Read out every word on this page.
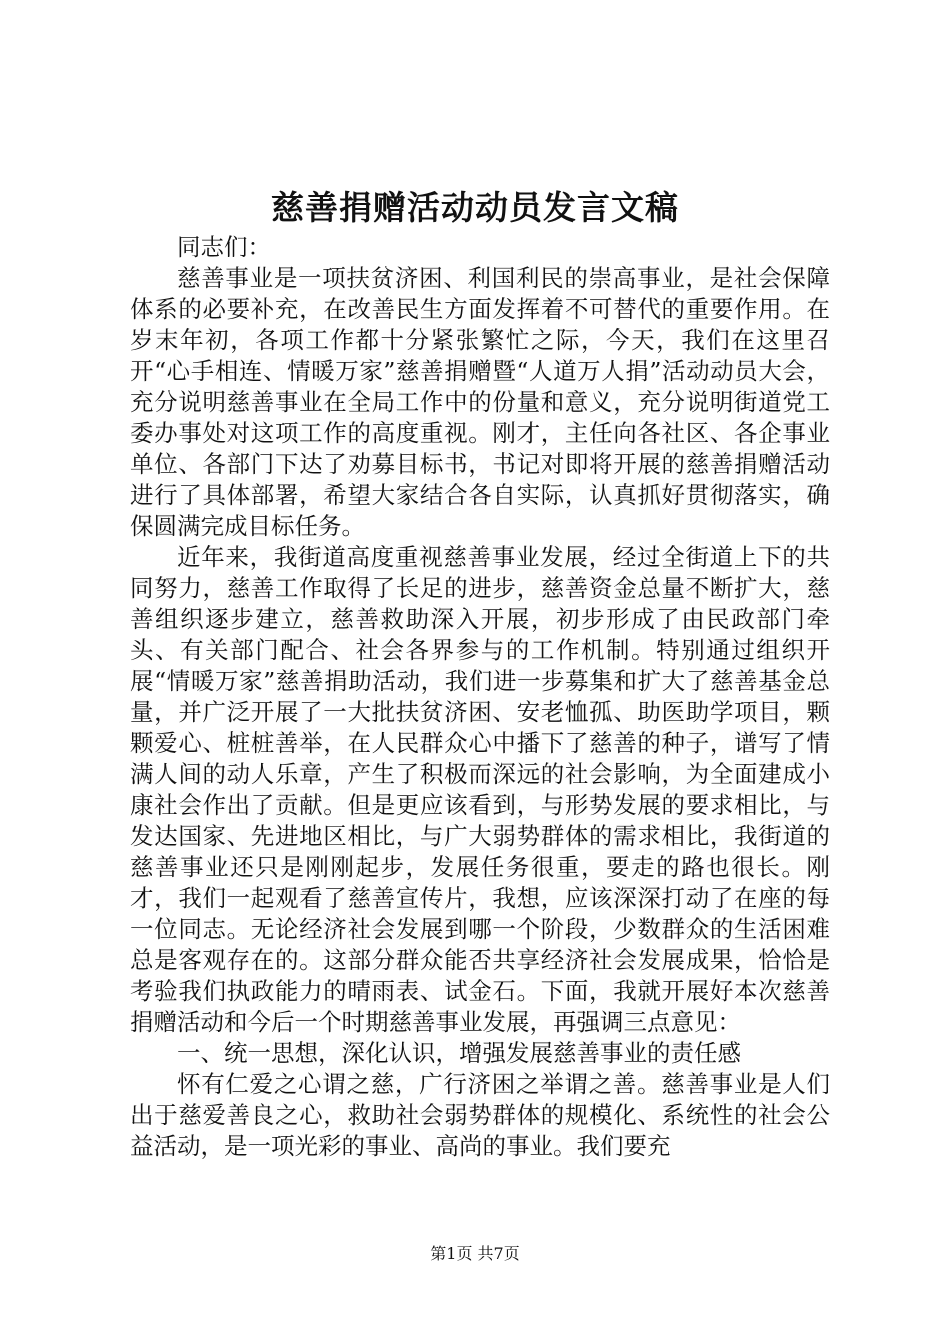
慈善捐赠活动动员发言文稿

同志们：

慈善事业是一项扶贫济困、利国利民的崇高事业，是社会保障体系的必要补充，在改善民生方面发挥着不可替代的重要作用。在岁末年初，各项工作都十分紧张繁忙之际，今天，我们在这里召开“心手相连、情暖万家”慈善捐赠暨“人道万人捐”活动动员大会，充分说明慈善事业在全局工作中的份量和意义，充分说明街道党工委办事处对这项工作的高度重视。刚才，主任向各社区、各企事业单位、各部门下达了劝募目标书，书记对即将开展的慈善捐赠活动进行了具体部署，希望大家结合各自实际，认真抓好贯彻落实，确保圆满完成目标任务。

近年来，我街道高度重视慈善事业发展，经过全街道上下的共同努力，慈善工作取得了长足的进步，慈善资金总量不断扩大，慈善组织逐步建立，慈善救助深入开展，初步形成了由民政部门牵头、有关部门配合、社会各界参与的工作机制。特别通过组织开展“情暖万家”慈善捐助活动，我们进一步募集和扩大了慈善基金总量，并广泛开展了一大批扶贫济困、安老恤孤、助医助学项目，颗颗爱心、桩桩善举，在人民群众心中播下了慈善的种子，谱写了情满人间的动人乐章，产生了积极而深远的社会影响，为全面建成小康社会作出了贡献。但是更应该看到，与形势发展的要求相比，与发达国家、先进地区相比，与广大弱势群体的需求相比，我街道的慈善事业还只是刚刚起步，发展任务很重，要走的路也很长。刚才，我们一起观看了慈善宣传片，我想，应该深深打动了在座的每一位同志。无论经济社会发展到哪一个阶段，少数群众的生活困难总是客观存在的。这部分群众能否共享经济社会发展成果，恰恰是考验我们执政能力的晴雨表、试金石。下面，我就开展好本次慈善捐赠活动和今后一个时期慈善事业发展，再强调三点意见：

一、统一思想，深化认识，增强发展慈善事业的责任感

怀有仁爱之心谓之慈，广行济困之举谓之善。慈善事业是人们出于慈爱善良之心，救助社会弱势群体的规模化、系统性的社会公益活动，是一项光彩的事业、高尚的事业。我们要充

第1页 共7页
